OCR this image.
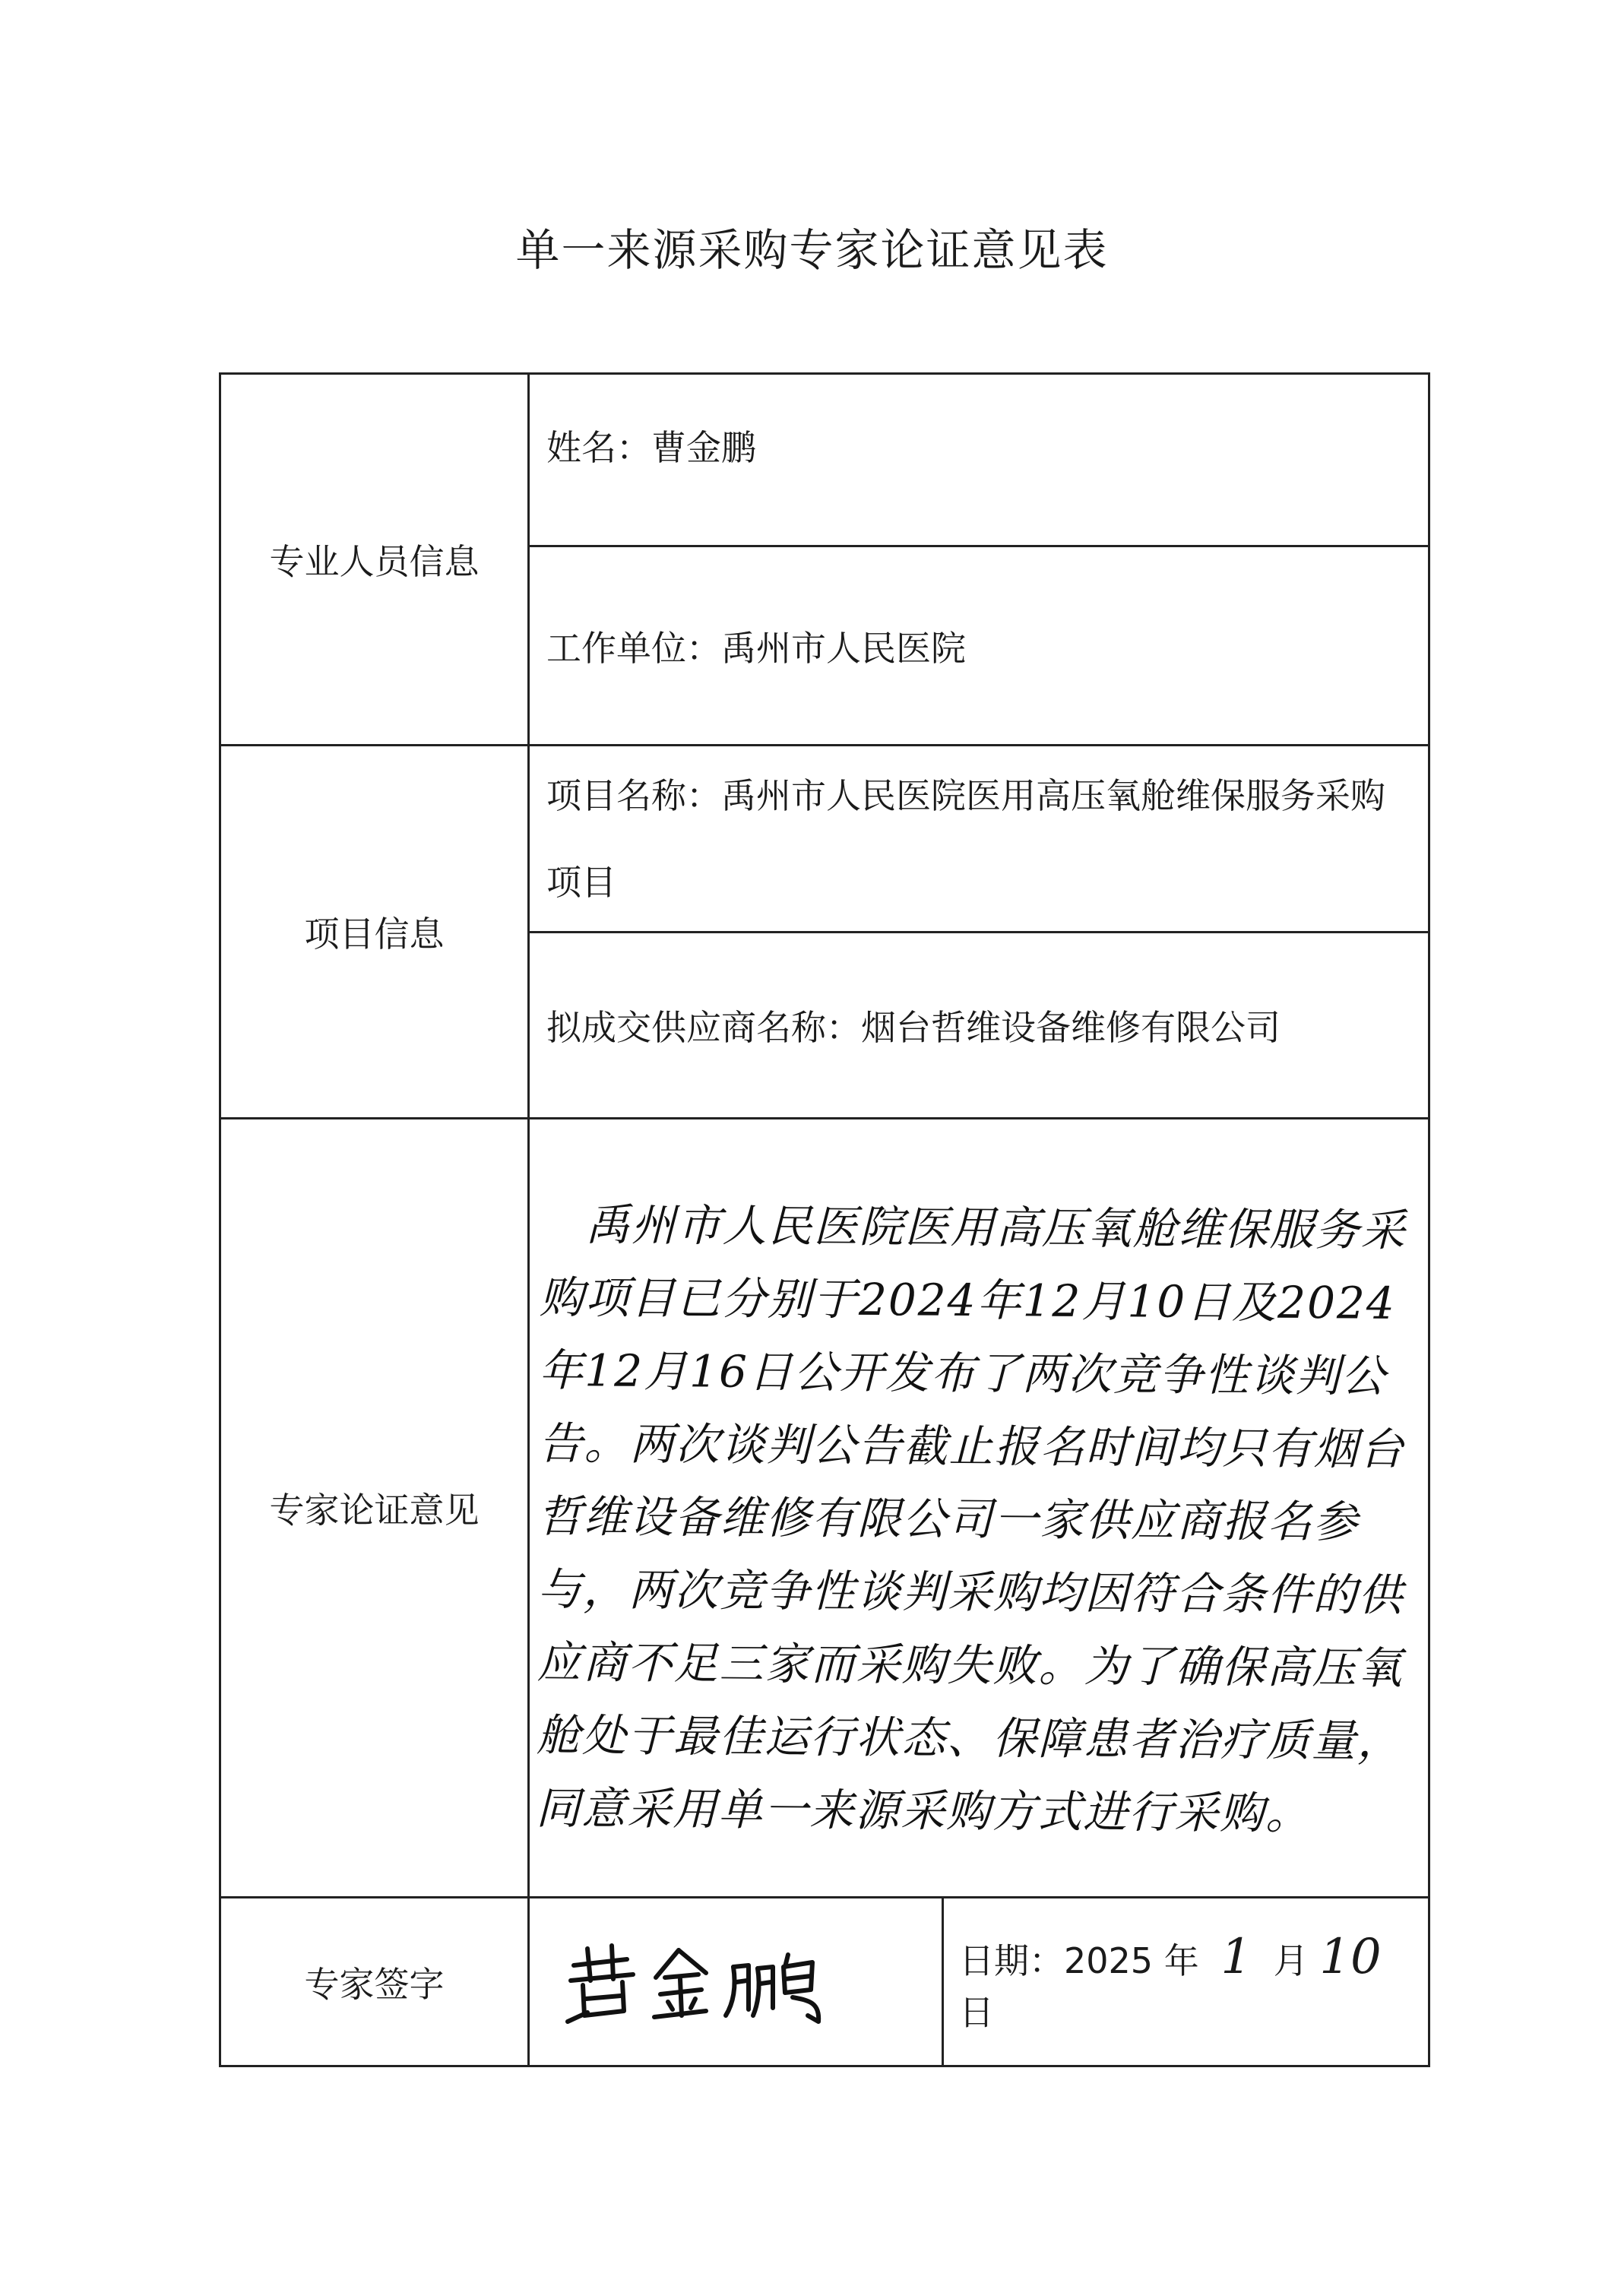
单一来源采购专家论证意见表
专业人员信息	姓名：曹金鹏	
	工作单位：禹州市人民医院	
项目信息	项目名称：禹州市人民医院医用高压氧舱维保服务采购项目	
	拟成交供应商名称：烟台哲维设备维修有限公司	
专家论证意见	禹州市人民医院医用高压氧舱维保服务采购项目已分别于2024年12月10日及2024年12月16日公开发布了两次竞争性谈判公告。两次谈判公告截止报名时间均只有烟台哲维设备维修有限公司一家供应商报名参与，两次竞争性谈判采购均因符合条件的供应商不足三家而采购失败。为了确保高压氧舱处于最佳运行状态、保障患者治疗质量，同意采用单一来源采购方式进行采购。	

专家签字		日期：2025 年 1 月 10 日
